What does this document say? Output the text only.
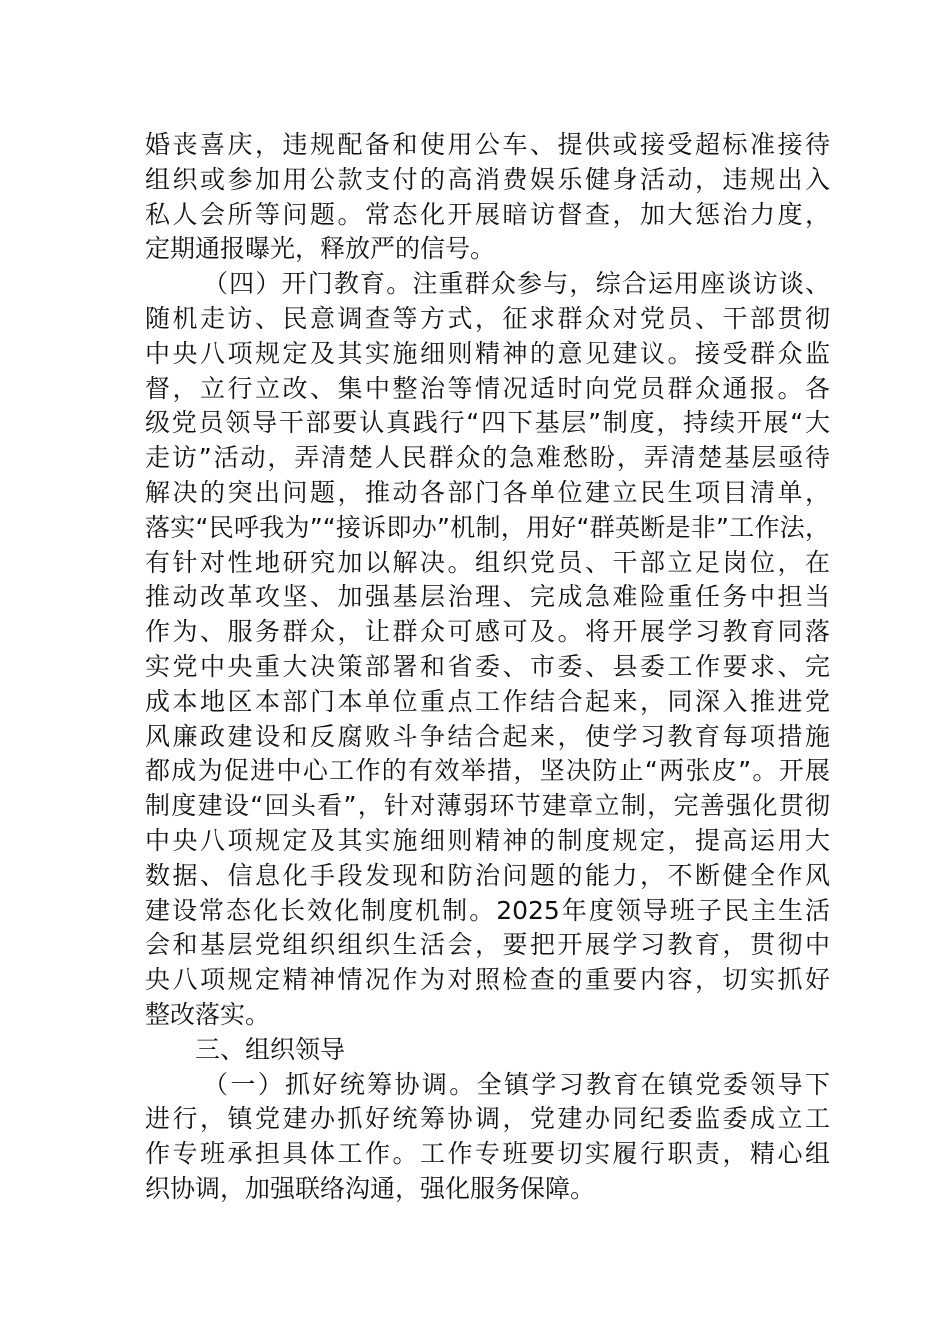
婚丧喜庆，违规配备和使用公车、提供或接受超标准接待
组织或参加用公款支付的高消费娱乐健身活动，违规出入
私人会所等问题。常态化开展暗访督查，加大惩治力度，
定期通报曝光，释放严的信号。
（四）开门教育。注重群众参与，综合运用座谈访谈、
随机走访、民意调查等方式，征求群众对党员、干部贯彻
中央八项规定及其实施细则精神的意见建议。接受群众监
督，立行立改、集中整治等情况适时向党员群众通报。各
级党员领导干部要认真践行“四下基层”制度，持续开展“大
走访”活动，弄清楚人民群众的急难愁盼，弄清楚基层亟待
解决的突出问题，推动各部门各单位建立民生项目清单，
落实“民呼我为”“接诉即办”机制，用好“群英断是非”工作法，
有针对性地研究加以解决。组织党员、干部立足岗位，在
推动改革攻坚、加强基层治理、完成急难险重任务中担当
作为、服务群众，让群众可感可及。将开展学习教育同落
实党中央重大决策部署和省委、市委、县委工作要求、完
成本地区本部门本单位重点工作结合起来，同深入推进党
风廉政建设和反腐败斗争结合起来，使学习教育每项措施
都成为促进中心工作的有效举措，坚决防止“两张皮”。开展
制度建设“回头看”，针对薄弱环节建章立制，完善强化贯彻
中央八项规定及其实施细则精神的制度规定，提高运用大
数据、信息化手段发现和防治问题的能力，不断健全作风
建设常态化长效化制度机制。2025年度领导班子民主生活
会和基层党组织组织生活会，要把开展学习教育，贯彻中
央八项规定精神情况作为对照检查的重要内容，切实抓好
整改落实。
三、组织领导
（一）抓好统筹协调。全镇学习教育在镇党委领导下
进行，镇党建办抓好统筹协调，党建办同纪委监委成立工
作专班承担具体工作。工作专班要切实履行职责，精心组
织协调，加强联络沟通，强化服务保障。
